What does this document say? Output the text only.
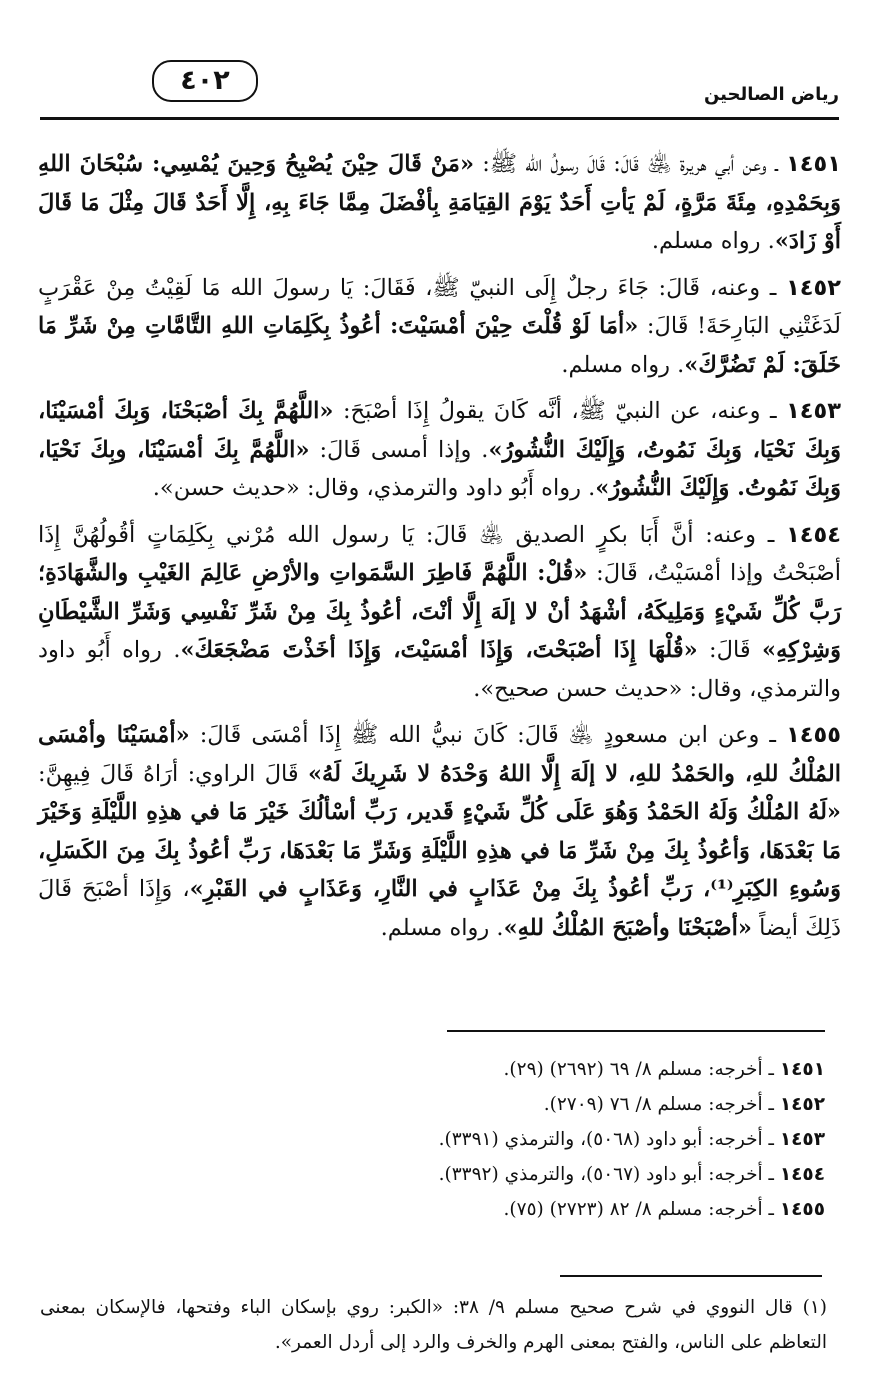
٤٠٢	رياض الصالحين

١٤٥١ ـ وعن أبي هريرة ﵁ قَالَ: قَالَ رسولُ الله ﷺ: «مَنْ قَالَ حِيْنَ يُصْبِحُ وَحِينَ يُمْسِي: سُبْحَانَ اللهِ وَبِحَمْدِهِ، مِئَةَ مَرَّةٍ، لَمْ يَأتِ أَحَدٌ يَوْمَ القِيَامَةِ بِأفْضَلَ مِمَّا جَاءَ بِهِ، إِلَّا أَحَدٌ قَالَ مِثْلَ مَا قَالَ أَوْ زَادَ». رواه مسلم.

١٤٥٢ ـ وعنه، قَالَ: جَاءَ رجلٌ إِلَى النبيّ ﷺ، فَقَالَ: يَا رسولَ الله مَا لَقِيْتُ مِنْ عَقْرَبٍ لَدَغَتْنِي البَارِحَةَ! قَالَ: «أمَا لَوْ قُلْتَ حِيْنَ أمْسَيْتَ: أعُوذُ بِكَلِمَاتِ اللهِ التَّامَّاتِ مِنْ شَرِّ مَا خَلَقَ: لَمْ تَضُرَّكَ». رواه مسلم.

١٤٥٣ ـ وعنه، عن النبيّ ﷺ، أنَّه كَانَ يقولُ إِذَا أصْبَحَ: «اللَّهُمَّ بِكَ أصْبَحْنَا، وَبِكَ أمْسَيْنَا، وَبِكَ نَحْيَا، وَبِكَ نَمُوتُ، وَإِلَيْكَ النُّشُورُ». وإذا أمسى قَالَ: «اللَّهُمَّ بِكَ أمْسَيْنَا، وبِكَ نَحْيَا، وَبِكَ نَمُوتُ. وَإِلَيْكَ النُّشُورُ». رواه أَبُو داود والترمذي، وقال: «حديث حسن».

١٤٥٤ ـ وعنه: أنَّ أَبَا بكرٍ الصديق ﵁ قَالَ: يَا رسول الله مُرْني بِكَلِمَاتٍ أقُولُهُنَّ إِذَا أصْبَحْتُ وإذا أمْسَيْتُ، قَالَ: «قُلْ: اللَّهُمَّ فَاطِرَ السَّمَواتِ والأرْضِ عَالِمَ الغَيْبِ والشَّهَادَةِ؛ رَبَّ كُلِّ شَيْءٍ وَمَلِيكَهُ، أشْهَدُ أنْ لا إلَهَ إِلَّا أنْتَ، أعُوذُ بِكَ مِنْ شَرِّ نَفْسِي وَشَرِّ الشَّيْطَانِ وَشِرْكِهِ» قَالَ: «قُلْهَا إِذَا أصْبَحْتَ، وَإِذَا أمْسَيْتَ، وَإِذَا أخَذْتَ مَضْجَعَكَ». رواه أَبُو داود والترمذي، وقال: «حديث حسن صحيح».

١٤٥٥ ـ وعن ابن مسعودٍ ﵁ قَالَ: كَانَ نبيُّ الله ﷺ إِذَا أمْسَى قَالَ: «أمْسَيْنَا وأمْسَى المُلْكُ للهِ، والحَمْدُ للهِ، لا إلَهَ إِلَّا اللهُ وَحْدَهُ لا شَرِيكَ لَهُ» قَالَ الراوي: أرَاهُ قَالَ فِيهِنَّ: «لَهُ المُلْكُ وَلَهُ الحَمْدُ وَهُوَ عَلَى كُلِّ شَيْءٍ قَدير، رَبِّ أسْألُكَ خَيْرَ مَا في هذِهِ اللَّيْلَةِ وَخَيْرَ مَا بَعْدَهَا، وَأعُوذُ بِكَ مِنْ شَرِّ مَا في هذِهِ اللَّيْلَةِ وَشَرِّ مَا بَعْدَهَا، رَبِّ أعُوذُ بِكَ مِنَ الكَسَلِ، وَسُوءِ الكِبَرِ⁽¹⁾، رَبِّ أعُوذُ بِكَ مِنْ عَذَابٍ في النَّارِ، وَعَذَابٍ في القَبْرِ»، وَإِذَا أصْبَحَ قَالَ ذَلِكَ أيضاً «أصْبَحْنَا وأصْبَحَ المُلْكُ للهِ». رواه مسلم.

١٤٥١ ـ أخرجه: مسلم ٨/ ٦٩ (٢٦٩٢) (٢٩).
١٤٥٢ ـ أخرجه: مسلم ٨/ ٧٦ (٢٧٠٩).
١٤٥٣ ـ أخرجه: أبو داود (٥٠٦٨)، والترمذي (٣٣٩١).
١٤٥٤ ـ أخرجه: أبو داود (٥٠٦٧)، والترمذي (٣٣٩٢).
١٤٥٥ ـ أخرجه: مسلم ٨/ ٨٢ (٢٧٢٣) (٧٥).
(١) قال النووي في شرح صحيح مسلم ٩/ ٣٨: «الكبر: روي بإسكان الباء وفتحها، فالإسكان بمعنى التعاظم على الناس، والفتح بمعنى الهرم والخرف والرد إلى أردل العمر».
